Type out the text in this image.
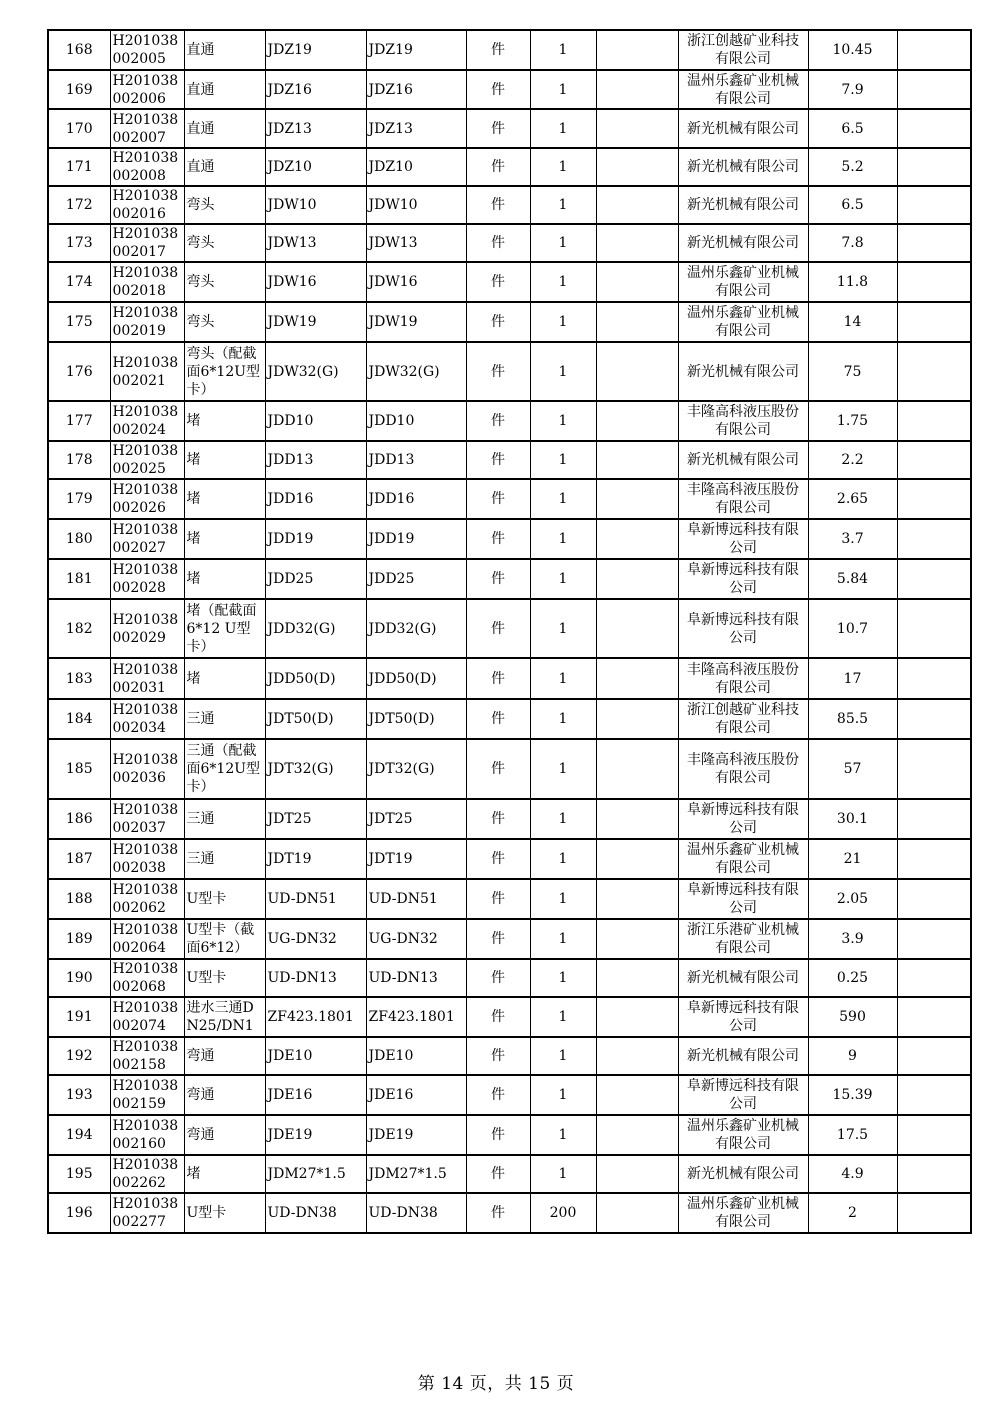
168	H201038002005	直通	JDZ19	JDZ19	件	1		浙江创越矿业科技有限公司	10.45	
169	H201038002006	直通	JDZ16	JDZ16	件	1		温州乐鑫矿业机械有限公司	7.9	
170	H201038002007	直通	JDZ13	JDZ13	件	1		新光机械有限公司	6.5	
171	H201038002008	直通	JDZ10	JDZ10	件	1		新光机械有限公司	5.2	
172	H201038002016	弯头	JDW10	JDW10	件	1		新光机械有限公司	6.5	
173	H201038002017	弯头	JDW13	JDW13	件	1		新光机械有限公司	7.8	
174	H201038002018	弯头	JDW16	JDW16	件	1		温州乐鑫矿业机械有限公司	11.8	
175	H201038002019	弯头	JDW19	JDW19	件	1		温州乐鑫矿业机械有限公司	14	
176	H201038002021	弯头（配截面6*12U型卡）	JDW32(G)	JDW32(G)	件	1		新光机械有限公司	75	
177	H201038002024	堵	JDD10	JDD10	件	1		丰隆高科液压股份有限公司	1.75	
178	H201038002025	堵	JDD13	JDD13	件	1		新光机械有限公司	2.2	
179	H201038002026	堵	JDD16	JDD16	件	1		丰隆高科液压股份有限公司	2.65	
180	H201038002027	堵	JDD19	JDD19	件	1		阜新博远科技有限公司	3.7	
181	H201038002028	堵	JDD25	JDD25	件	1		阜新博远科技有限公司	5.84	
182	H201038002029	堵（配截面6*12 U型卡）	JDD32(G)	JDD32(G)	件	1		阜新博远科技有限公司	10.7	
183	H201038002031	堵	JDD50(D)	JDD50(D)	件	1		丰隆高科液压股份有限公司	17	
184	H201038002034	三通	JDT50(D)	JDT50(D)	件	1		浙江创越矿业科技有限公司	85.5	
185	H201038002036	三通（配截面6*12U型卡）	JDT32(G)	JDT32(G)	件	1		丰隆高科液压股份有限公司	57	
186	H201038002037	三通	JDT25	JDT25	件	1		阜新博远科技有限公司	30.1	
187	H201038002038	三通	JDT19	JDT19	件	1		温州乐鑫矿业机械有限公司	21	
188	H201038002062	U型卡	UD-DN51	UD-DN51	件	1		阜新博远科技有限公司	2.05	
189	H201038002064	U型卡（截面6*12）	UG-DN32	UG-DN32	件	1		浙江乐港矿业机械有限公司	3.9	
190	H201038002068	U型卡	UD-DN13	UD-DN13	件	1		新光机械有限公司	0.25	
191	H201038002074	进水三通DN25/DN1	ZF423.1801	ZF423.1801	件	1		阜新博远科技有限公司	590	
192	H201038002158	弯通	JDE10	JDE10	件	1		新光机械有限公司	9	
193	H201038002159	弯通	JDE16	JDE16	件	1		阜新博远科技有限公司	15.39	
194	H201038002160	弯通	JDE19	JDE19	件	1		温州乐鑫矿业机械有限公司	17.5	
195	H201038002262	堵	JDM27*1.5	JDM27*1.5	件	1		新光机械有限公司	4.9	
196	H201038002277	U型卡	UD-DN38	UD-DN38	件	200		温州乐鑫矿业机械有限公司	2	
第 14 页，共 15 页
